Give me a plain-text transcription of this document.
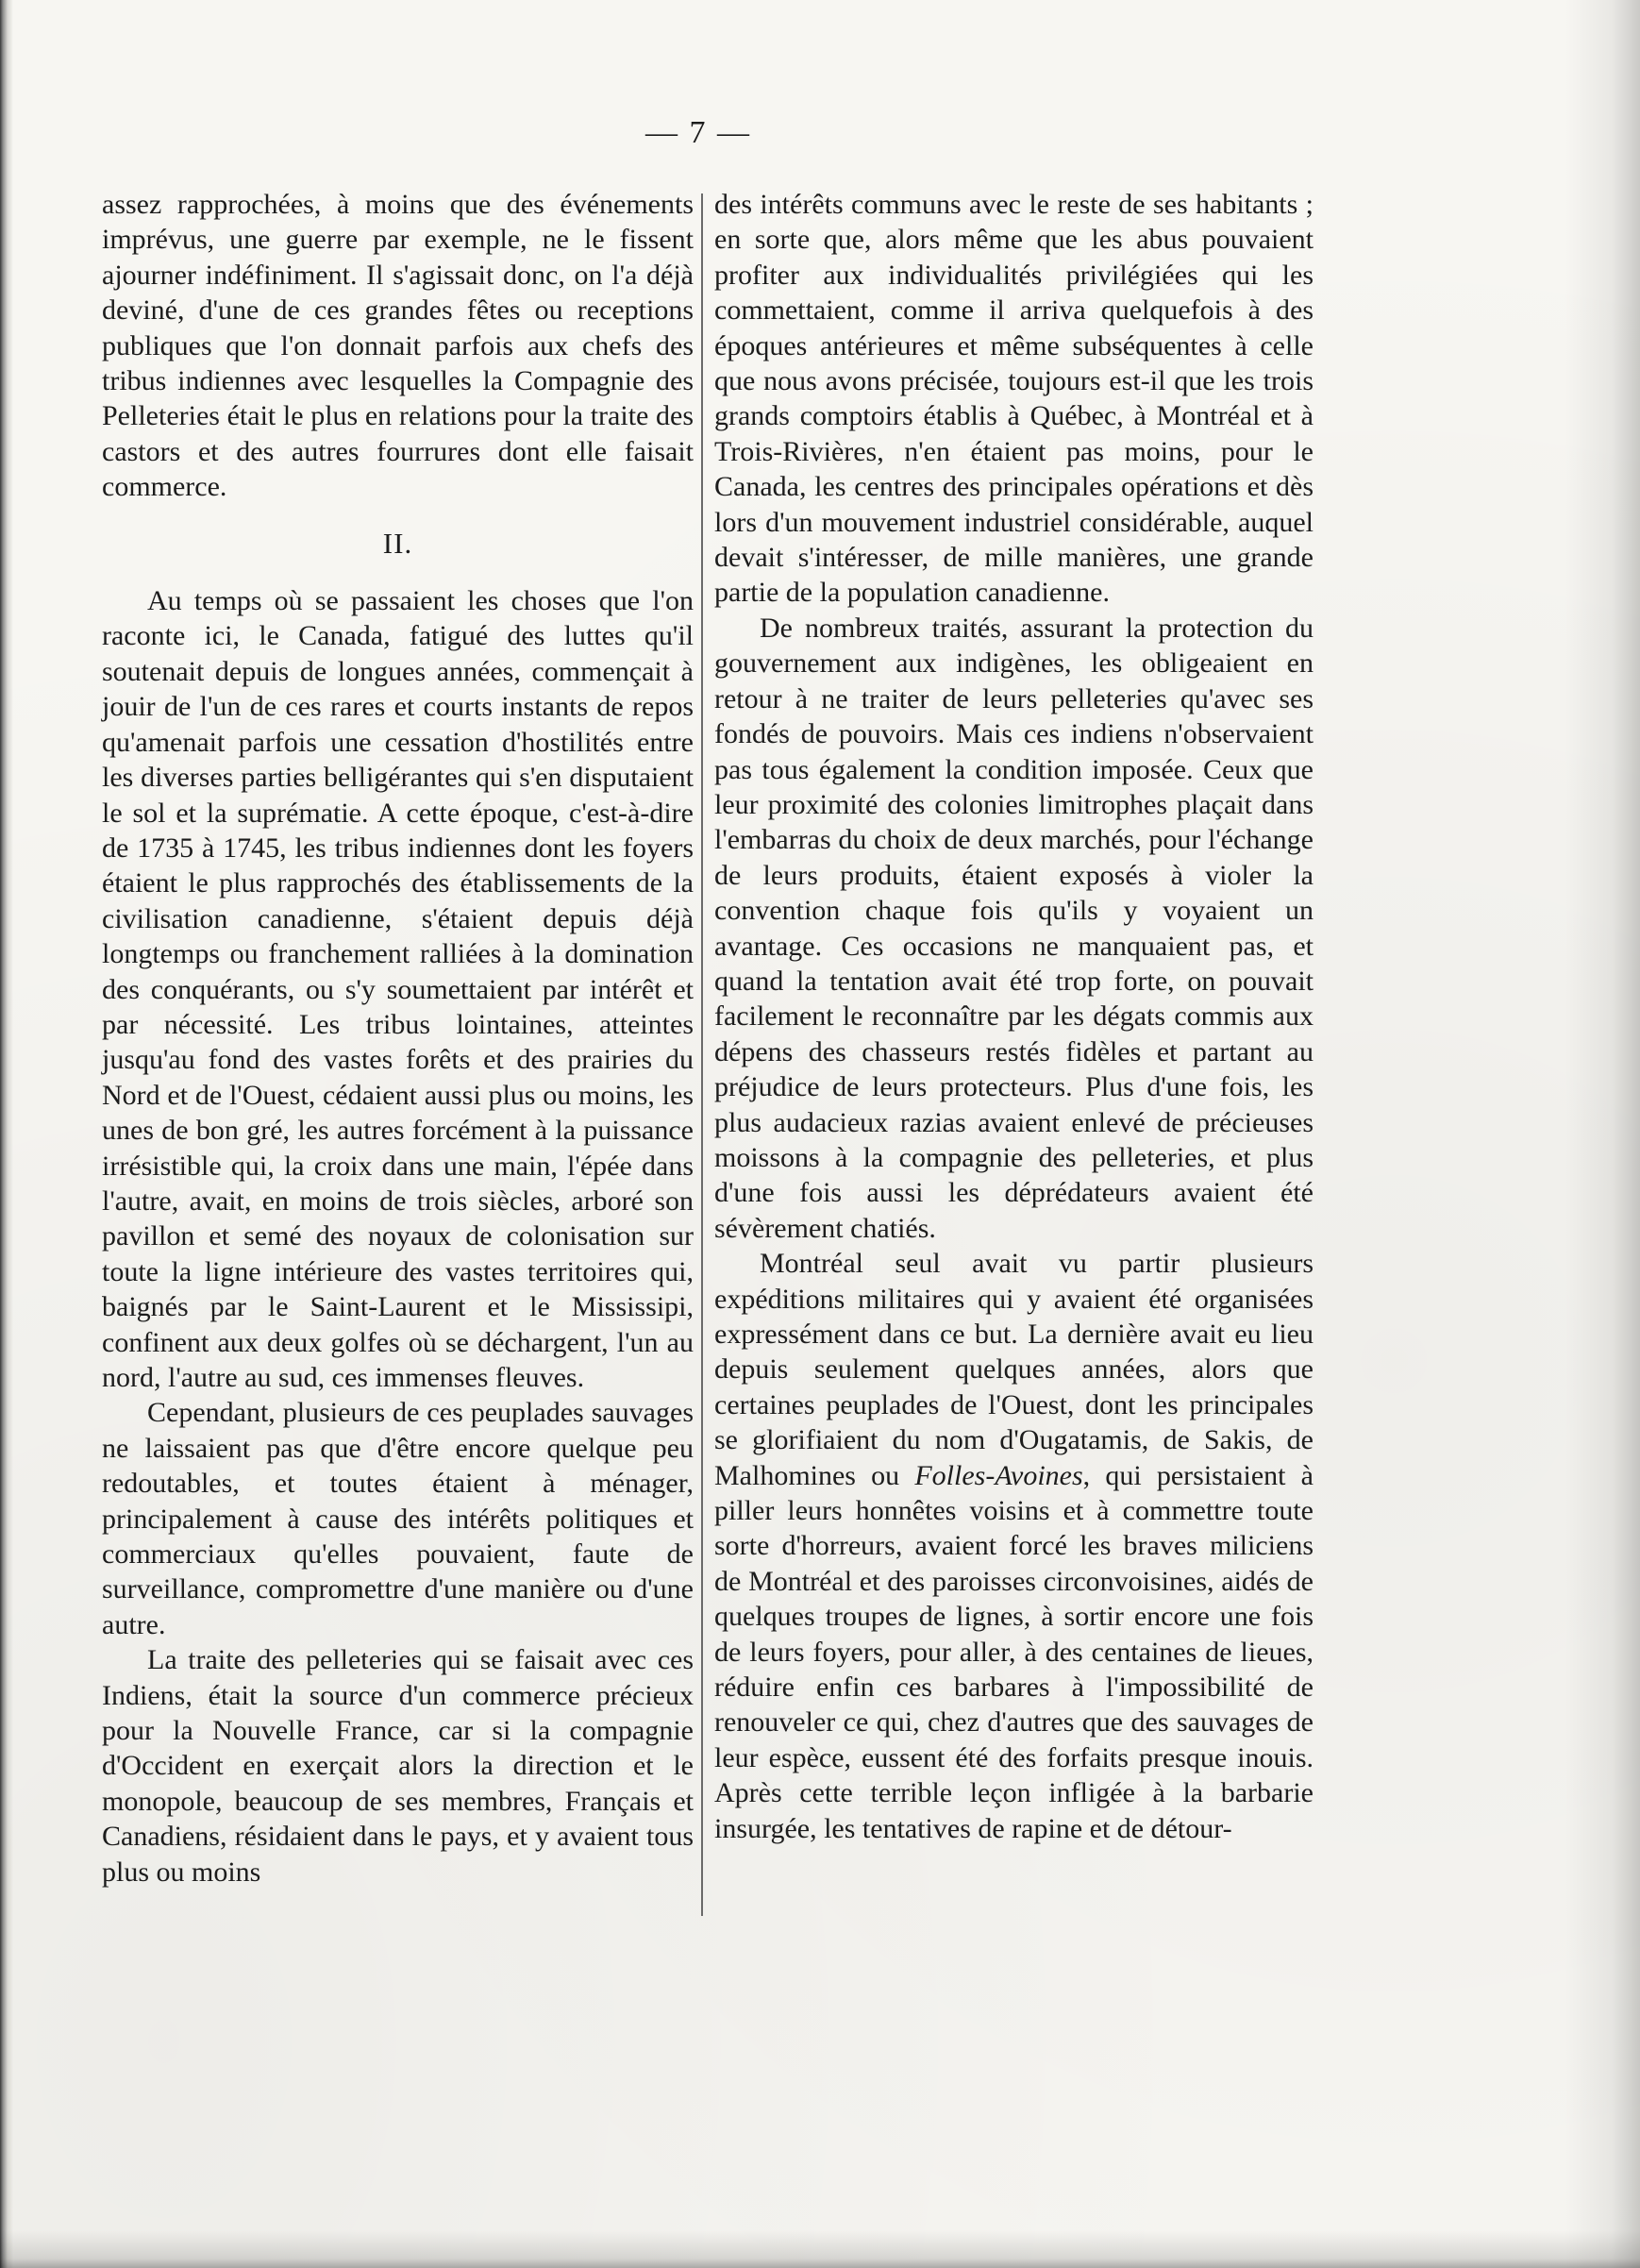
— 7 —

assez rapprochées, à moins que des événements imprévus, une guerre par exemple, ne le fissent ajourner indéfiniment. Il s'agissait donc, on l'a déjà deviné, d'une de ces grandes fêtes ou receptions publiques que l'on donnait parfois aux chefs des tribus indiennes avec lesquelles la Compagnie des Pelleteries était le plus en relations pour la traite des castors et des autres fourrures dont elle faisait commerce.

II.

Au temps où se passaient les choses que l'on raconte ici, le Canada, fatigué des luttes qu'il soutenait depuis de longues années, commençait à jouir de l'un de ces rares et courts instants de repos qu'amenait parfois une cessation d'hostilités entre les diverses parties belligérantes qui s'en disputaient le sol et la suprématie. A cette époque, c'est-à-dire de 1735 à 1745, les tribus indiennes dont les foyers étaient le plus rapprochés des établissements de la civilisation canadienne, s'étaient depuis déjà longtemps ou franchement ralliées à la domination des conquérants, ou s'y soumettaient par intérêt et par nécessité. Les tribus lointaines, atteintes jusqu'au fond des vastes forêts et des prairies du Nord et de l'Ouest, cédaient aussi plus ou moins, les unes de bon gré, les autres forcément à la puissance irrésistible qui, la croix dans une main, l'épée dans l'autre, avait, en moins de trois siècles, arboré son pavillon et semé des noyaux de colonisation sur toute la ligne intérieure des vastes territoires qui, baignés par le Saint-Laurent et le Mississipi, confinent aux deux golfes où se déchargent, l'un au nord, l'autre au sud, ces immenses fleuves.

Cependant, plusieurs de ces peuplades sauvages ne laissaient pas que d'être encore quelque peu redoutables, et toutes étaient à ménager, principalement à cause des intérêts politiques et commerciaux qu'elles pouvaient, faute de surveillance, compromettre d'une manière ou d'une autre.

La traite des pelleteries qui se faisait avec ces Indiens, était la source d'un commerce précieux pour la Nouvelle France, car si la compagnie d'Occident en exerçait alors la direction et le monopole, beaucoup de ses membres, Français et Canadiens, résidaient dans le pays, et y avaient tous plus ou moins

des intérêts communs avec le reste de ses habitants ; en sorte que, alors même que les abus pouvaient profiter aux individualités privilégiées qui les commettaient, comme il arriva quelquefois à des époques antérieures et même subséquentes à celle que nous avons précisée, toujours est-il que les trois grands comptoirs établis à Québec, à Montréal et à Trois-Rivières, n'en étaient pas moins, pour le Canada, les centres des principales opérations et dès lors d'un mouvement industriel considérable, auquel devait s'intéresser, de mille manières, une grande partie de la population canadienne.

De nombreux traités, assurant la protection du gouvernement aux indigènes, les obligeaient en retour à ne traiter de leurs pelleteries qu'avec ses fondés de pouvoirs. Mais ces indiens n'observaient pas tous également la condition imposée. Ceux que leur proximité des colonies limitrophes plaçait dans l'embarras du choix de deux marchés, pour l'échange de leurs produits, étaient exposés à violer la convention chaque fois qu'ils y voyaient un avantage. Ces occasions ne manquaient pas, et quand la tentation avait été trop forte, on pouvait facilement le reconnaître par les dégats commis aux dépens des chasseurs restés fidèles et partant au préjudice de leurs protecteurs. Plus d'une fois, les plus audacieux razias avaient enlevé de précieuses moissons à la compagnie des pelleteries, et plus d'une fois aussi les déprédateurs avaient été sévèrement chatiés.

Montréal seul avait vu partir plusieurs expéditions militaires qui y avaient été organisées expressément dans ce but. La dernière avait eu lieu depuis seulement quelques années, alors que certaines peuplades de l'Ouest, dont les principales se glorifiaient du nom d'Ougatamis, de Sakis, de Malhomines ou Folles-Avoines, qui persistaient à piller leurs honnêtes voisins et à commettre toute sorte d'horreurs, avaient forcé les braves miliciens de Montréal et des paroisses circonvoisines, aidés de quelques troupes de lignes, à sortir encore une fois de leurs foyers, pour aller, à des centaines de lieues, réduire enfin ces barbares à l'impossibilité de renouveler ce qui, chez d'autres que des sauvages de leur espèce, eussent été des forfaits presque inouis. Après cette terrible leçon infligée à la barbarie insurgée, les tentatives de rapine et de détour-
